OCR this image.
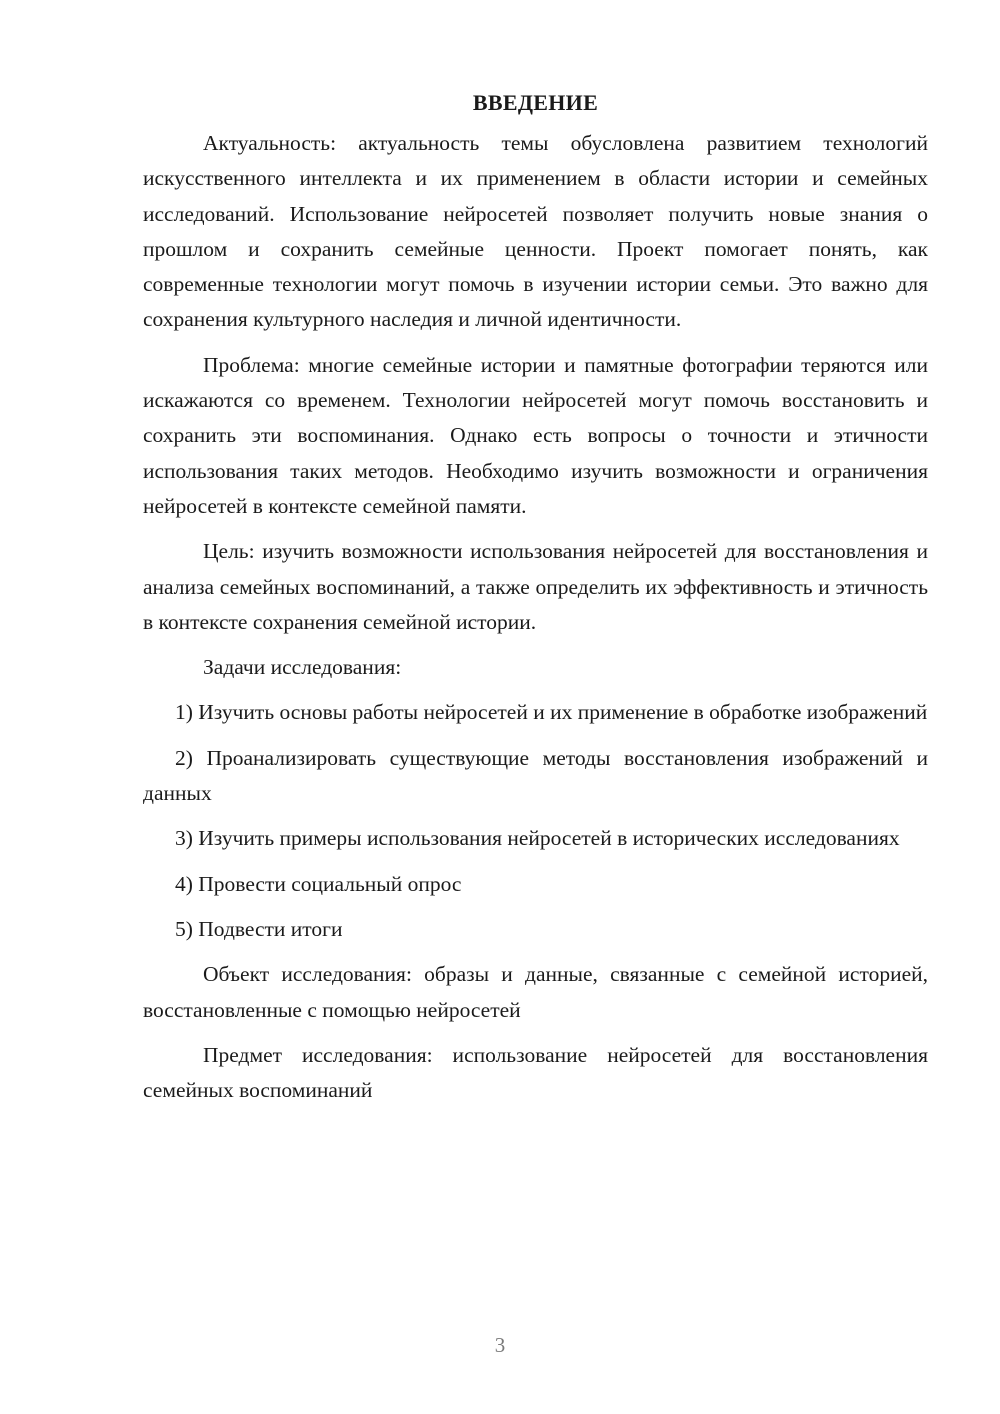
ВВЕДЕНИЕ

Актуальность: актуальность темы обусловлена развитием технологий искусственного интеллекта и их применением в области истории и семейных исследований. Использование нейросетей позволяет получить новые знания о прошлом и сохранить семейные ценности. Проект помогает понять, как современные технологии могут помочь в изучении истории семьи. Это важно для сохранения культурного наследия и личной идентичности.

Проблема: многие семейные истории и памятные фотографии теряются или искажаются со временем. Технологии нейросетей могут помочь восстановить и сохранить эти воспоминания. Однако есть вопросы о точности и этичности использования таких методов. Необходимо изучить возможности и ограничения нейросетей в контексте семейной памяти.

Цель: изучить возможности использования нейросетей для восстановления и анализа семейных воспоминаний, а также определить их эффективность и этичность в контексте сохранения семейной истории.

Задачи исследования:

1) Изучить основы работы нейросетей и их применение в обработке изображений

2) Проанализировать существующие методы восстановления изображений и данных

3) Изучить примеры использования нейросетей в исторических исследованиях

4) Провести социальный опрос

5) Подвести итоги

Объект исследования: образы и данные, связанные с семейной историей, восстановленные с помощью нейросетей

Предмет исследования: использование нейросетей для восстановления семейных воспоминаний

3
